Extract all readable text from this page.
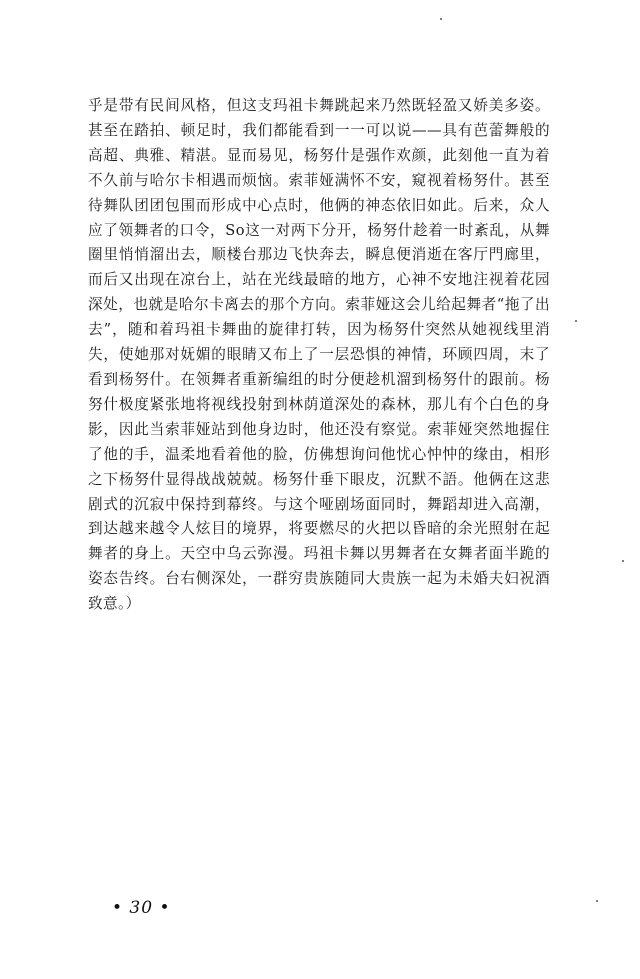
乎是带有民间风格，但这支玛祖卡舞跳起来乃然既轻盈又娇美多姿。甚至在踏拍、顿足时，我们都能看到一一可以说——具有芭蕾舞般的高超、典雅、精湛。显而易见，杨努什是强作欢颜，此刻他一直为着不久前与哈尔卡相遇而烦恼。索菲娅满怀不安，窥视着杨努什。甚至待舞队团团包围而形成中心点时，他俩的神态依旧如此。后来，众人应了领舞者的口令，So这一对两下分开，杨努什趁着一时紊乱，从舞圈里悄悄溜出去，顺楼台那边飞快奔去，瞬息便消逝在客厅門廊里，而后又出现在凉台上，站在光线最暗的地方，心神不安地注视着花园深处，也就是哈尔卡离去的那个方向。索菲娅这会儿给起舞者“拖了出去”，随和着玛祖卡舞曲的旋律打转，因为杨努什突然从她视线里消失，使她那对妩媚的眼睛又布上了一层恐惧的神情，环顾四周，末了看到杨努什。在领舞者重新编组的时分便趁机溜到杨努什的跟前。杨努什极度紧张地将视线投射到林荫道深处的森林，那儿有个白色的身影，因此当索菲娅站到他身边时，他还没有察觉。索菲娅突然地握住了他的手，温柔地看着他的脸，仿佛想询问他忧心忡忡的缘由，相形之下杨努什显得战战兢兢。杨努什垂下眼皮，沉默不語。他俩在这悲剧式的沉寂中保持到幕终。与这个哑剧场面同时，舞蹈却进入高潮，到达越来越令人炫目的境界，将要燃尽的火把以昏暗的余光照射在起舞者的身上。天空中乌云弥漫。玛祖卡舞以男舞者在女舞者面半跪的姿态告终。台右侧深处，一群穷贵族随同大贵族一起为未婚夫妇祝酒致意。）

• 30 •
